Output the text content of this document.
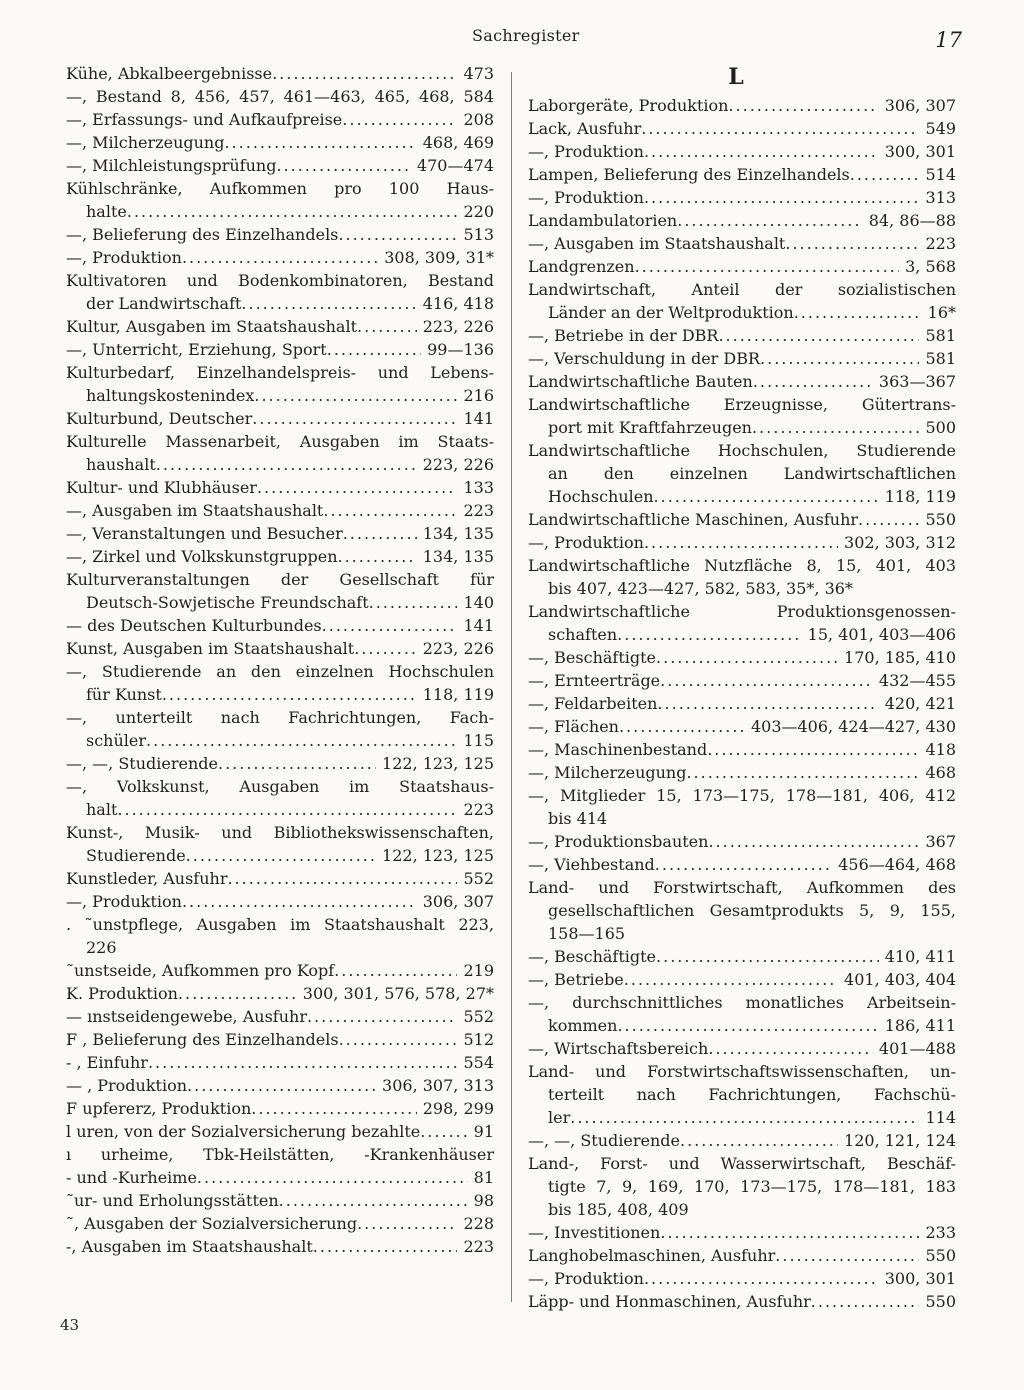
Sachregister	17
Kühe, Abkalbeergebnisse .....	473
—, Bestand 8, 456, 457, 461—463, 465, 468, 584
—, Erfassungs- und Aufkaufpreise .....	208
—, Milcherzeugung .....	468, 469
—, Milchleistungsprüfung .....	470—474
Kühlschränke, Aufkommen pro 100 Haus-
halte .....	220
—, Belieferung des Einzelhandels .....	513
—, Produktion .....	308, 309, 31*
Kultivatoren und Bodenkombinatoren, Bestand
der Landwirtschaft .....	416, 418
Kultur, Ausgaben im Staatshaushalt .....	223, 226
—, Unterricht, Erziehung, Sport .....	99—136
Kulturbedarf, Einzelhandelspreis- und Lebens-
haltungskostenindex .....	216
Kulturbund, Deutscher .....	141
Kulturelle Massenarbeit, Ausgaben im Staats-
haushalt .....	223, 226
Kultur- und Klubhäuser .....	133
—, Ausgaben im Staatshaushalt .....	223
—, Veranstaltungen und Besucher .....	134, 135
—, Zirkel und Volkskunstgruppen .....	134, 135
Kulturveranstaltungen der Gesellschaft für
Deutsch-Sowjetische Freundschaft .....	140
— des Deutschen Kulturbundes .....	141
Kunst, Ausgaben im Staatshaushalt .....	223, 226
—, Studierende an den einzelnen Hochschulen
für Kunst .....	118, 119
—, unterteilt nach Fachrichtungen, Fach-
schüler .....	115
—, —, Studierende .....	122, 123, 125
—, Volkskunst, Ausgaben im Staatshaus-
halt .....	223
Kunst-, Musik- und Bibliothekswissenschaften,
Studierende .....	122, 123, 125
Kunstleder, Ausfuhr .....	552
—, Produktion .....	306, 307
. ˜unstpflege, Ausgaben im Staatshaushalt 223,
226
˜unstseide, Aufkommen pro Kopf .....	219
K. Produktion .....	300, 301, 576, 578, 27*
— ınstseidengewebe, Ausfuhr .....	552
F , Belieferung des Einzelhandels .....	512
- , Einfuhr .....	554
— , Produktion .....	306, 307, 313
F upfererz, Produktion .....	298, 299
l uren, von der Sozialversicherung bezahlte .....	91
ı urheime, Tbk-Heilstätten, -Krankenhäuser
- und -Kurheime .....	81
˜ur- und Erholungsstätten .....	98
˜, Ausgaben der Sozialversicherung .....	228
-, Ausgaben im Staatshaushalt .....	223
L
Laborgeräte, Produktion .....	306, 307
Lack, Ausfuhr .....	549
—, Produktion .....	300, 301
Lampen, Belieferung des Einzelhandels .....	514
—, Produktion .....	313
Landambulatorien .....	84, 86—88
—, Ausgaben im Staatshaushalt .....	223
Landgrenzen .....	3, 568
Landwirtschaft, Anteil der sozialistischen
Länder an der Weltproduktion .....	16*
—, Betriebe in der DBR .....	581
—, Verschuldung in der DBR .....	581
Landwirtschaftliche Bauten .....	363—367
Landwirtschaftliche Erzeugnisse, Gütertrans-
port mit Kraftfahrzeugen .....	500
Landwirtschaftliche Hochschulen, Studierende
an den einzelnen Landwirtschaftlichen
Hochschulen .....	118, 119
Landwirtschaftliche Maschinen, Ausfuhr .....	550
—, Produktion .....	302, 303, 312
Landwirtschaftliche Nutzfläche 8, 15, 401, 403
bis 407, 423—427, 582, 583, 35*, 36*
Landwirtschaftliche Produktionsgenossen-
schaften .....	15, 401, 403—406
—, Beschäftigte .....	170, 185, 410
—, Ernteerträge .....	432—455
—, Feldarbeiten .....	420, 421
—, Flächen .....	403—406, 424—427, 430
—, Maschinenbestand .....	418
—, Milcherzeugung .....	468
—, Mitglieder 15, 173—175, 178—181, 406, 412
bis 414
—, Produktionsbauten .....	367
—, Viehbestand .....	456—464, 468
Land- und Forstwirtschaft, Aufkommen des
gesellschaftlichen Gesamtprodukts 5, 9, 155,
158—165
—, Beschäftigte .....	410, 411
—, Betriebe .....	401, 403, 404
—, durchschnittliches monatliches Arbeitsein-
kommen .....	186, 411
—, Wirtschaftsbereich .....	401—488
Land- und Forstwirtschaftswissenschaften, un-
terteilt nach Fachrichtungen, Fachschü-
ler .....	114
—, —, Studierende .....	120, 121, 124
Land-, Forst- und Wasserwirtschaft, Beschäf-
tigte 7, 9, 169, 170, 173—175, 178—181, 183
bis 185, 408, 409
—, Investitionen .....	233
Langhobelmaschinen, Ausfuhr .....	550
—, Produktion .....	300, 301
Läpp- und Honmaschinen, Ausfuhr .....	550
43
